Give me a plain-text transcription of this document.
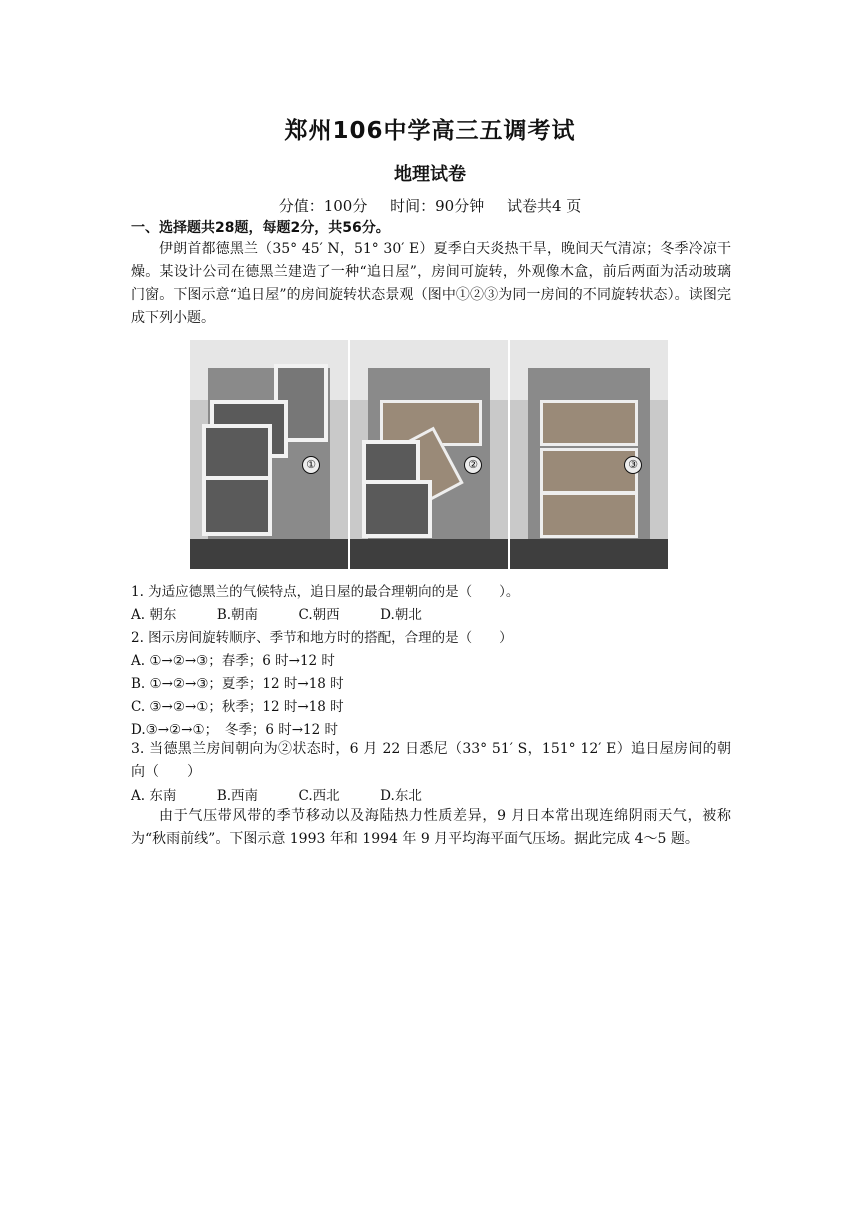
郑州106中学高三五调考试
地理试卷
分值：100分 时间：90分钟 试卷共4 页
一、选择题共28题，每题2分，共56分。
伊朗首都德黑兰（35° 45′ N，51° 30′ E）夏季白天炎热干旱，晚间天气清凉；冬季冷凉干燥。某设计公司在德黑兰建造了一种“追日屋”，房间可旋转，外观像木盒，前后两面为活动玻璃门窗。下图示意“追日屋”的房间旋转状态景观（图中①②③为同一房间的不同旋转状态）。读图完成下列小题。
①	②	③
1. 为适应德黑兰的气候特点，追日屋的最合理朝向的是（　　）。
A. 朝东　　　B.朝南　　　C.朝西　　　D.朝北
2. 图示房间旋转顺序、季节和地方时的搭配，合理的是（　　）
A. ①→②→③；春季；6 时→12 时
B. ①→②→③；夏季；12 时→18 时
C. ③→②→①；秋季；12 时→18 时
D.③→②→①；　冬季；6 时→12 时
3. 当德黑兰房间朝向为②状态时，6 月 22 日悉尼（33° 51′ S，151° 12′ E）追日屋房间的朝向（　　）
A. 东南　　　B.西南　　　C.西北　　　D.东北
由于气压带风带的季节移动以及海陆热力性质差异，9 月日本常出现连绵阴雨天气，被称为“秋雨前线”。下图示意 1993 年和 1994 年 9 月平均海平面气压场。据此完成 4～5 题。
